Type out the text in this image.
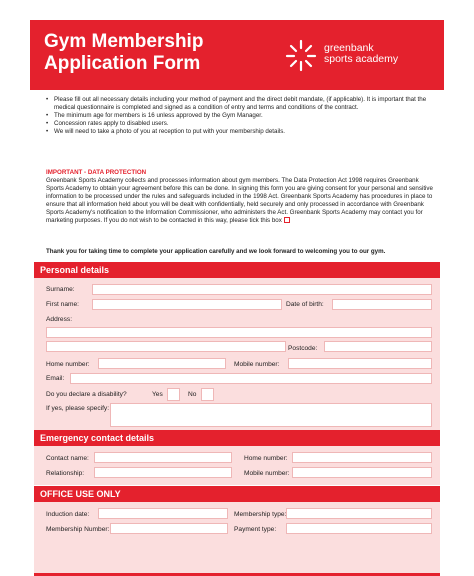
Gym Membership
Application Form
greenbank
sports academy
• Please fill out all necessary details including your method of payment and the direct debit mandate, (if applicable). It is important that the medical questionnaire is completed and signed as a condition of entry and terms and conditions of the contract.
• The minimum age for members is 16 unless approved by the Gym Manager.
• Concession rates apply to disabled users.
• We will need to take a photo of you at reception to put with your membership details.
IMPORTANT - DATA PROTECTION
Greenbank Sports Academy collects and processes information about gym members. The Data Protection Act 1998 requires Greenbank Sports Academy to obtain your agreement before this can be done. In signing this form you are giving consent for your personal and sensitive information to be processed under the rules and safeguards included in the 1998 Act. Greenbank Sports Academy has procedures in place to ensure that all information held about you will be dealt with confidentially, held securely and only processed in accordance with Greenbank Sports Academy's notification to the Information Commissioner, who administers the Act. Greenbank Sports Academy may contact you for marketing purposes. If you do not wish to be contacted in this way, please tick this box
Thank you for taking time to complete your application carefully and we look forward to welcoming you to our gym.
Personal details
Surname:
First name:	Date of birth:
Address:
Postcode:
Home number:	Mobile number:
Email:
Do you declare a disability?	Yes	No
If yes, please specify:
Emergency contact details
Contact name:	Home number:
Relationship:	Mobile number:
OFFICE USE ONLY
Induction date:	Membership type:
Membership Number:	Payment type:
